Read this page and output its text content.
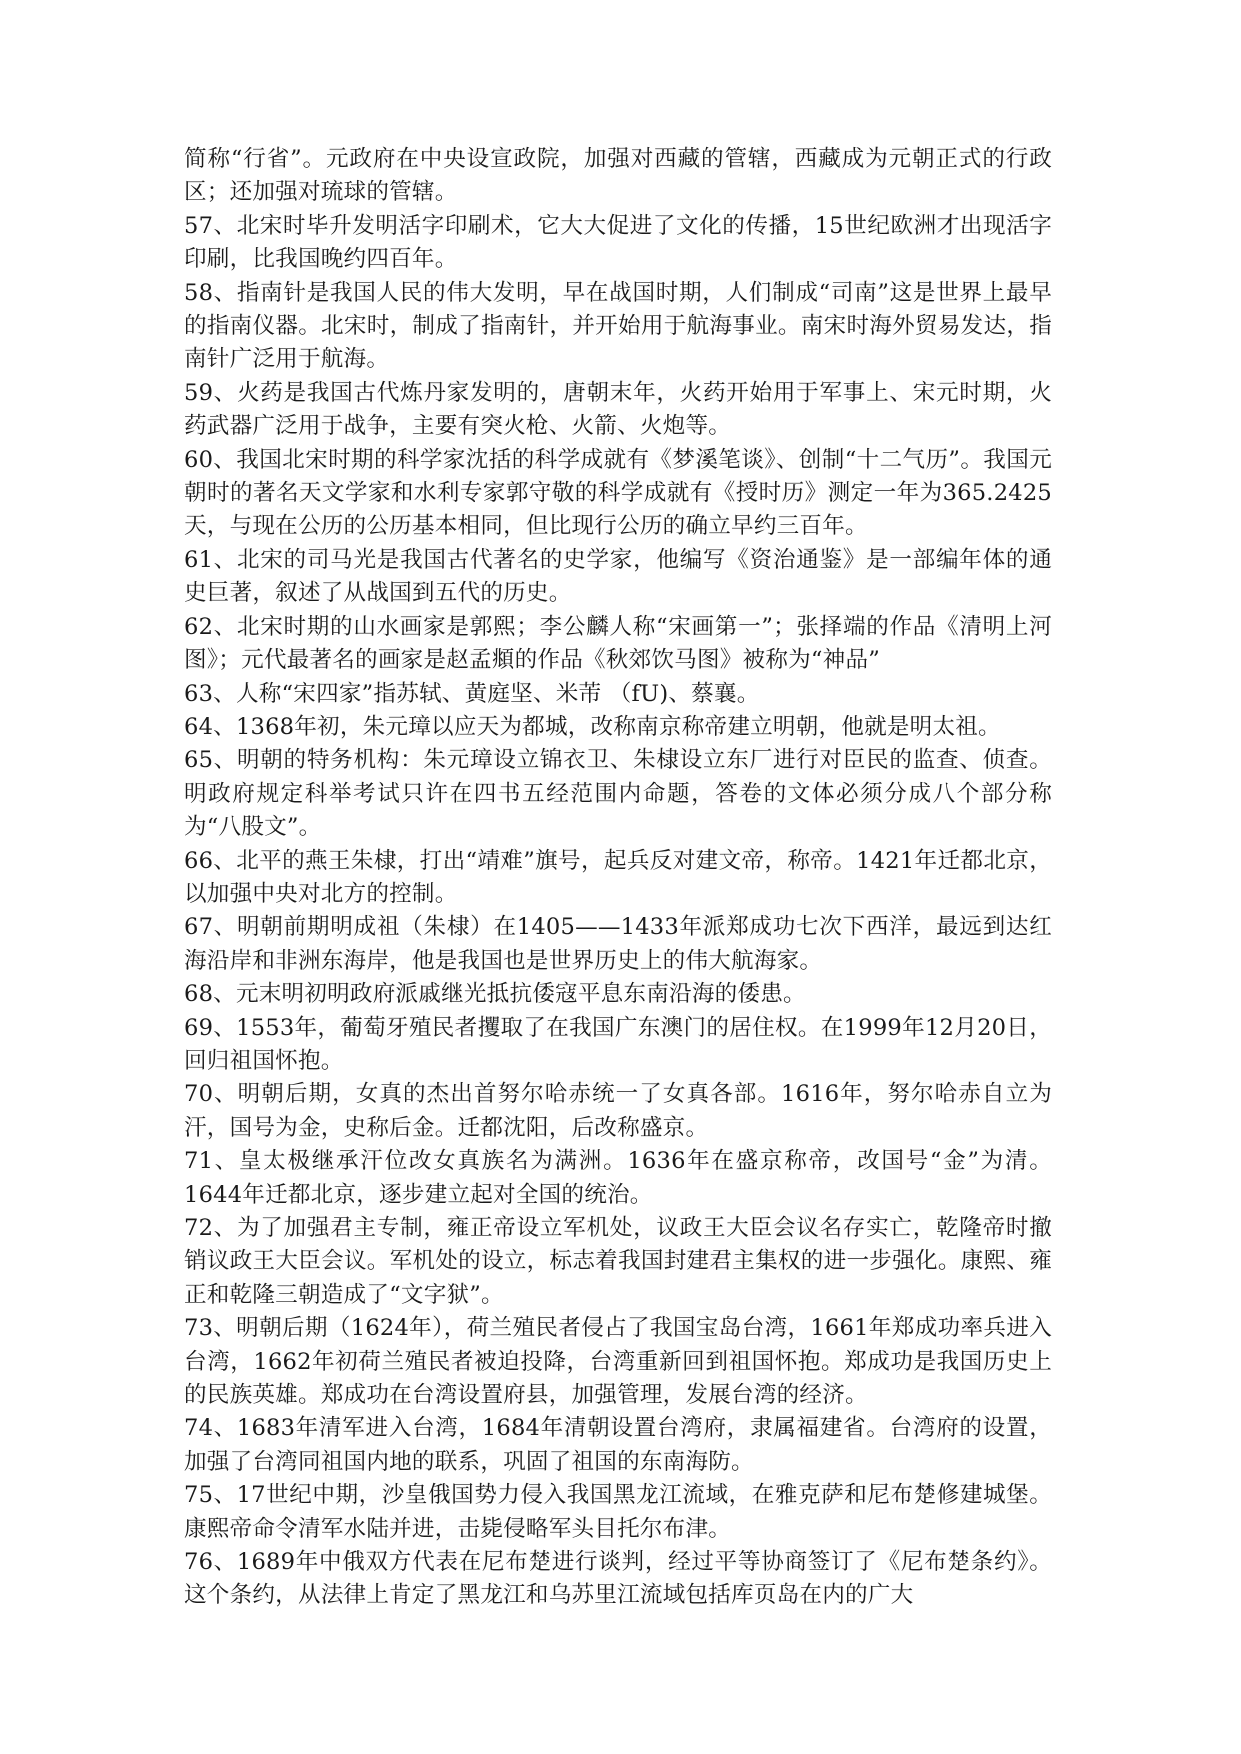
简称“行省”。元政府在中央设宣政院，加强对西藏的管辖，西藏成为元朝正式的行政区；还加强对琉球的管辖。

57、北宋时毕升发明活字印刷术，它大大促进了文化的传播，15世纪欧洲才出现活字印刷，比我国晚约四百年。

58、指南针是我国人民的伟大发明，早在战国时期，人们制成“司南”这是世界上最早的指南仪器。北宋时，制成了指南针，并开始用于航海事业。南宋时海外贸易发达，指南针广泛用于航海。

59、火药是我国古代炼丹家发明的，唐朝末年，火药开始用于军事上、宋元时期，火药武器广泛用于战争，主要有突火枪、火箭、火炮等。

60、我国北宋时期的科学家沈括的科学成就有《梦溪笔谈》、创制“十二气历”。我国元朝时的著名天文学家和水利专家郭守敬的科学成就有《授时历》测定一年为365.2425天，与现在公历的公历基本相同，但比现行公历的确立早约三百年。

61、北宋的司马光是我国古代著名的史学家，他编写《资治通鉴》是一部编年体的通史巨著，叙述了从战国到五代的历史。

62、北宋时期的山水画家是郭熙；李公麟人称“宋画第一”；张择端的作品《清明上河图》；元代最著名的画家是赵孟頫的作品《秋郊饮马图》被称为“神品”

63、人称“宋四家”指苏轼、黄庭坚、米芾 （fU)、蔡襄。

64、1368年初，朱元璋以应天为都城，改称南京称帝建立明朝，他就是明太祖。

65、明朝的特务机构：朱元璋设立锦衣卫、朱棣设立东厂进行对臣民的监查、侦查。明政府规定科举考试只许在四书五经范围内命题，答卷的文体必须分成八个部分称为“八股文”。

66、北平的燕王朱棣，打出“靖难”旗号，起兵反对建文帝，称帝。1421年迁都北京，以加强中央对北方的控制。

67、明朝前期明成祖（朱棣）在1405——1433年派郑成功七次下西洋，最远到达红海沿岸和非洲东海岸，他是我国也是世界历史上的伟大航海家。

68、元末明初明政府派戚继光抵抗倭寇平息东南沿海的倭患。

69、1553年，葡萄牙殖民者攫取了在我国广东澳门的居住权。在1999年12月20日，回归祖国怀抱。

70、明朝后期，女真的杰出首努尔哈赤统一了女真各部。1616年，努尔哈赤自立为汗，国号为金，史称后金。迁都沈阳，后改称盛京。

71、皇太极继承汗位改女真族名为满洲。1636年在盛京称帝，改国号“金”为清。1644年迁都北京，逐步建立起对全国的统治。

72、为了加强君主专制，雍正帝设立军机处，议政王大臣会议名存实亡，乾隆帝时撤销议政王大臣会议。军机处的设立，标志着我国封建君主集权的进一步强化。康熙、雍正和乾隆三朝造成了“文字狱”。

73、明朝后期（1624年），荷兰殖民者侵占了我国宝岛台湾，1661年郑成功率兵进入台湾，1662年初荷兰殖民者被迫投降，台湾重新回到祖国怀抱。郑成功是我国历史上的民族英雄。郑成功在台湾设置府县，加强管理，发展台湾的经济。

74、1683年清军进入台湾，1684年清朝设置台湾府，隶属福建省。台湾府的设置，加强了台湾同祖国内地的联系，巩固了祖国的东南海防。

75、17世纪中期，沙皇俄国势力侵入我国黑龙江流域，在雅克萨和尼布楚修建城堡。康熙帝命令清军水陆并进，击毙侵略军头目托尔布津。

76、1689年中俄双方代表在尼布楚进行谈判，经过平等协商签订了《尼布楚条约》。这个条约，从法律上肯定了黑龙江和乌苏里江流域包括库页岛在内的广大
